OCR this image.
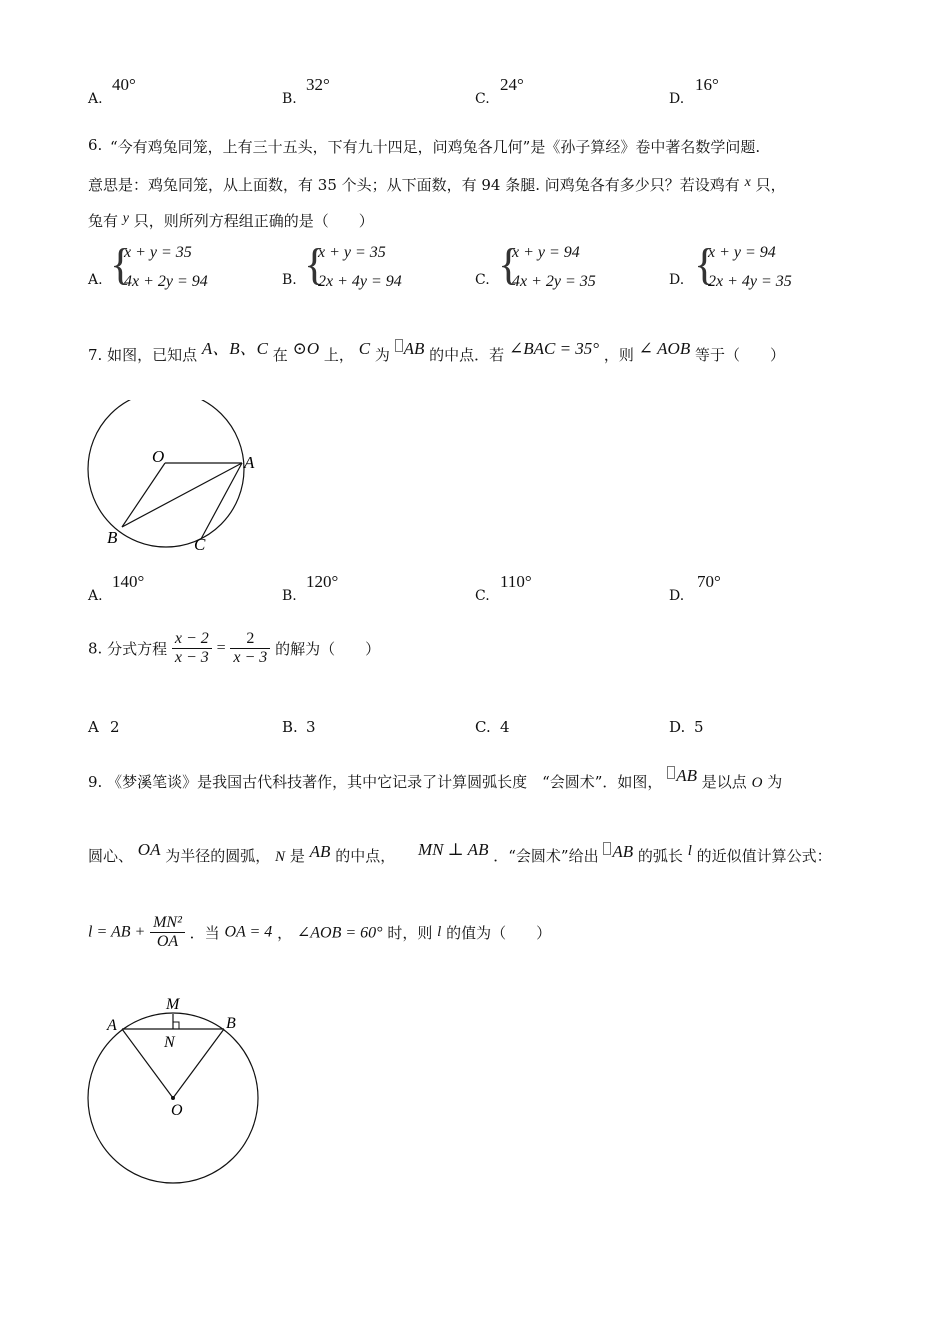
A.
40°
B.
32°
C.
24°
D.
16°
6. “今有鸡兔同笼，上有三十五头，下有九十四足，问鸡兔各几何”是《孙子算经》卷中著名数学问题.
意思是：鸡兔同笼，从上面数，有 35 个头；从下面数，有 94 条腿. 问鸡兔各有多少只？若设鸡有 x 只，
兔有 y 只，则所列方程组正确的是（　　）
A. {
x + y = 35
4x + 2y = 94	B. {
x + y = 35
2x + 4y = 94	C. {
x + y = 94
4x + 2y = 35	D. {
x + y = 94
2x + 4y = 35
7. 如图，已知点 A、B、C 在 ⊙O 上， C 为 AB 的中点．若 ∠BAC = 35° ，则 ∠ AOB 等于（　　）
O	A
B	C
A.
140°
B.
120°
C.
110°
D.
70°
8. 分式方程 $\frac{x - 2}{x - 3} = \frac{2}{x - 3}$ 的解为（　　）
A 2	B. 3	C. 4	D. 5
9. 《梦溪笔谈》是我国古代科技著作，其中它记录了计算圆弧长度　“会圆术”．如图， AB 是以点 O 为
圆心、 OA 为半径的圆弧， N 是 AB 的中点， MN ⊥ AB ．“会圆术”给出 AB 的弧长 l 的近似值计算公式：
l = AB + $\frac{\text{MN²}}{OA}$ ．当 OA = 4 ， ∠AOB = 60° 时，则 l 的值为（　　）
M
A	B
N
O
